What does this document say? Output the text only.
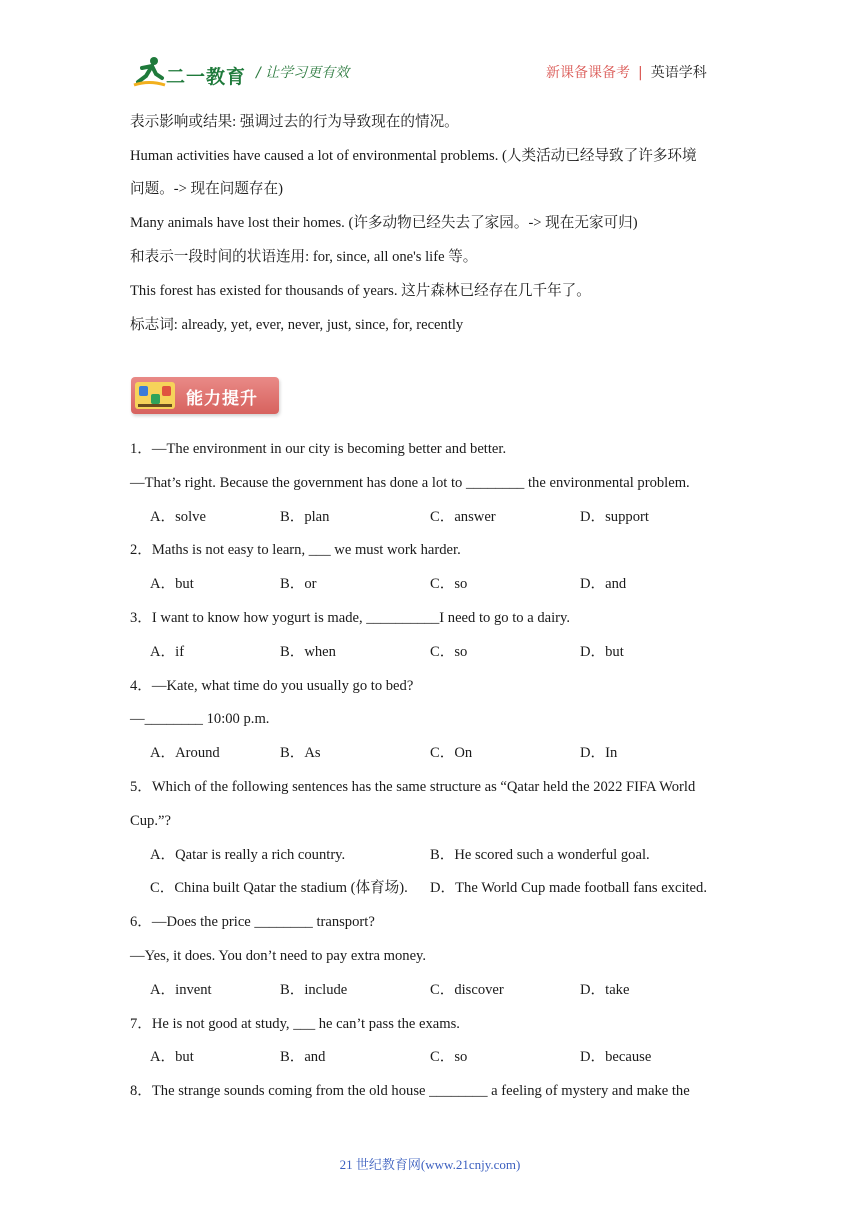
二一教育 / 让学习更有效	新课备课备考 | 英语学科
表示影响或结果: 强调过去的行为导致现在的情况。
Human activities have caused a lot of environmental problems. (人类活动已经导致了许多环境
问题。-> 现在问题存在)
Many animals have lost their homes. (许多动物已经失去了家园。-> 现在无家可归)
和表示一段时间的状语连用: for, since, all one's life 等。
This forest has existed for thousands of years. 这片森林已经存在几千年了。
标志词: already, yet, ever, never, just, since, for, recently
能力提升
1．—The environment in our city is becoming better and better.
—That’s right. Because the government has done a lot to ________ the environmental problem.
A．solve	B．plan	C．answer	D．support
2．Maths is not easy to learn, ___ we must work harder.
A．but	B．or	C．so	D．and
3．I want to know how yogurt is made, __________I need to go to a dairy.
A．if	B．when	C．so	D．but
4．—Kate, what time do you usually go to bed?
—________ 10:00 p.m.
A．Around	B．As	C．On	D．In
5．Which of the following sentences has the same structure as “Qatar held the 2022 FIFA World
Cup.”?
A．Qatar is really a rich country.	B．He scored such a wonderful goal.
C．China built Qatar the stadium (体育场). D．The World Cup made football fans excited.
6．—Does the price ________ transport?
—Yes, it does. You don’t need to pay extra money.
A．invent	B．include	C．discover	D．take
7．He is not good at study, ___ he can’t pass the exams.
A．but	B．and	C．so	D．because
8．The strange sounds coming from the old house ________ a feeling of mystery and make the
21 世纪教育网(www.21cnjy.com)
